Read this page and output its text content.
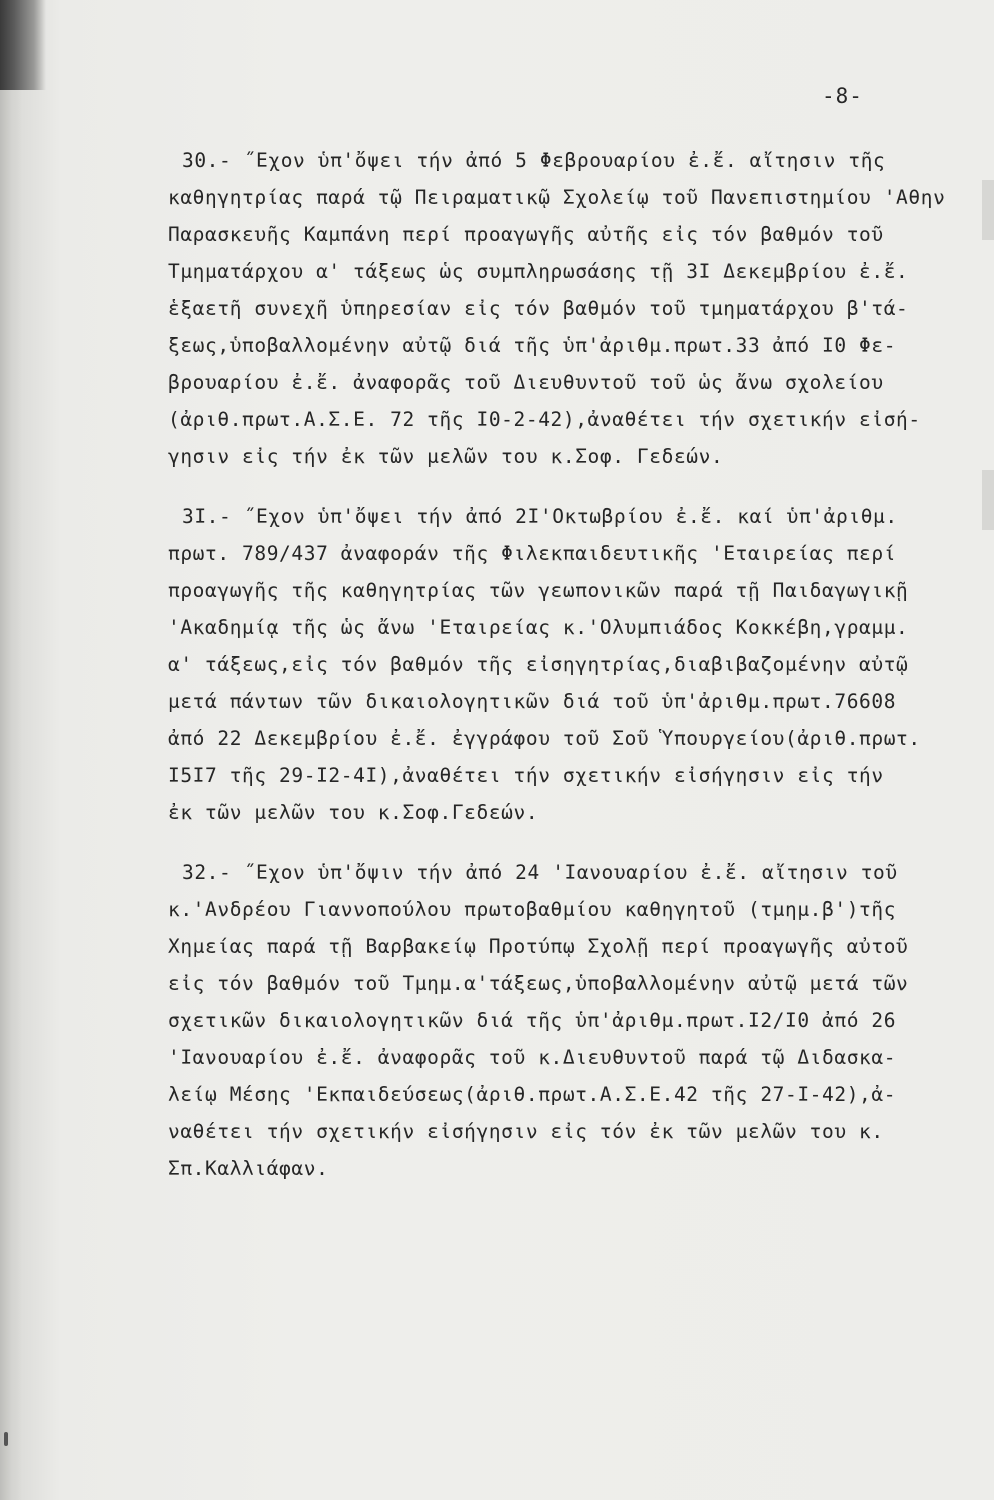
-8-
30.- ˝Εχον ὑπ'ὄψει τήν ἀπό 5 Φεβρουαρίου ἐ.ἔ. αἴτησιν τῆς
καθηγητρίας παρά τῷ Πειραματικῷ Σχολείῳ τοῦ Πανεπιστημίου 'Αθην
Παρασκευῆς Καμπάνη περί προαγωγῆς αὐτῆς εἰς τόν βαθμόν τοῦ
Τμηματάρχου α' τάξεως ὡς συμπληρωσάσης τῇ 3Ι Δεκεμβρίου ἐ.ἔ.
ἑξαετῆ συνεχῆ ὑπηρεσίαν εἰς τόν βαθμόν τοῦ τμηματάρχου β'τά-
ξεως,ὑποβαλλομένην αὐτῷ διά τῆς ὑπ'ἀριθμ.πρωτ.33 ἀπό Ι0 Φε-
βρουαρίου ἐ.ἔ. ἀναφορᾶς τοῦ Διευθυντοῦ τοῦ ὡς ἄνω σχολείου
(ἀριθ.πρωτ.Α.Σ.Ε. 72 τῆς Ι0-2-42),ἀναθέτει τήν σχετικήν εἰσή-
γησιν εἰς τήν ἐκ τῶν μελῶν του κ.Σοφ. Γεδεών.
3Ι.- ˝Εχον ὑπ'ὄψει τήν ἀπό 2Ι'Οκτωβρίου ἐ.ἔ. καί ὑπ'ἀριθμ.
πρωτ. 789/437 ἀναφοράν τῆς Φιλεκπαιδευτικῆς 'Εταιρείας περί
προαγωγῆς τῆς καθηγητρίας τῶν γεωπονικῶν παρά τῇ Παιδαγωγικῇ
'Ακαδημίᾳ τῆς ὡς ἄνω 'Εταιρείας κ.'Ολυμπιάδος Κοκκέβη,γραμμ.
α' τάξεως,εἰς τόν βαθμόν τῆς εἰσηγητρίας,διαβιβαζομένην αὐτῷ
μετά πάντων τῶν δικαιολογητικῶν διά τοῦ ὑπ'ἀριθμ.πρωτ.76608
ἀπό 22 Δεκεμβρίου ἐ.ἔ. ἐγγράφου τοῦ Σοῦ Ὑπουργείου(ἀριθ.πρωτ.
Ι5Ι7 τῆς 29-Ι2-4Ι),ἀναθέτει τήν σχετικήν εἰσήγησιν εἰς τήν
ἐκ τῶν μελῶν του κ.Σοφ.Γεδεών.
32.- ˝Εχον ὑπ'ὄψιν τήν ἀπό 24 'Ιανουαρίου ἐ.ἔ. αἴτησιν τοῦ
κ.'Ανδρέου Γιαννοπούλου πρωτοβαθμίου καθηγητοῦ (τμημ.β')τῆς
Χημείας παρά τῇ Βαρβακείῳ Προτύπῳ Σχολῇ περί προαγωγῆς αὐτοῦ
εἰς τόν βαθμόν τοῦ Τμημ.α'τάξεως,ὑποβαλλομένην αὐτῷ μετά τῶν
σχετικῶν δικαιολογητικῶν διά τῆς ὑπ'ἀριθμ.πρωτ.Ι2/Ι0 ἀπό 26
'Ιανουαρίου ἐ.ἔ. ἀναφορᾶς τοῦ κ.Διευθυντοῦ παρά τῷ Διδασκα-
λείῳ Μέσης 'Εκπαιδεύσεως(ἀριθ.πρωτ.Α.Σ.Ε.42 τῆς 27-Ι-42),ἀ-
ναθέτει τήν σχετικήν εἰσήγησιν εἰς τόν ἐκ τῶν μελῶν του κ.
Σπ.Καλλιάφαν.
